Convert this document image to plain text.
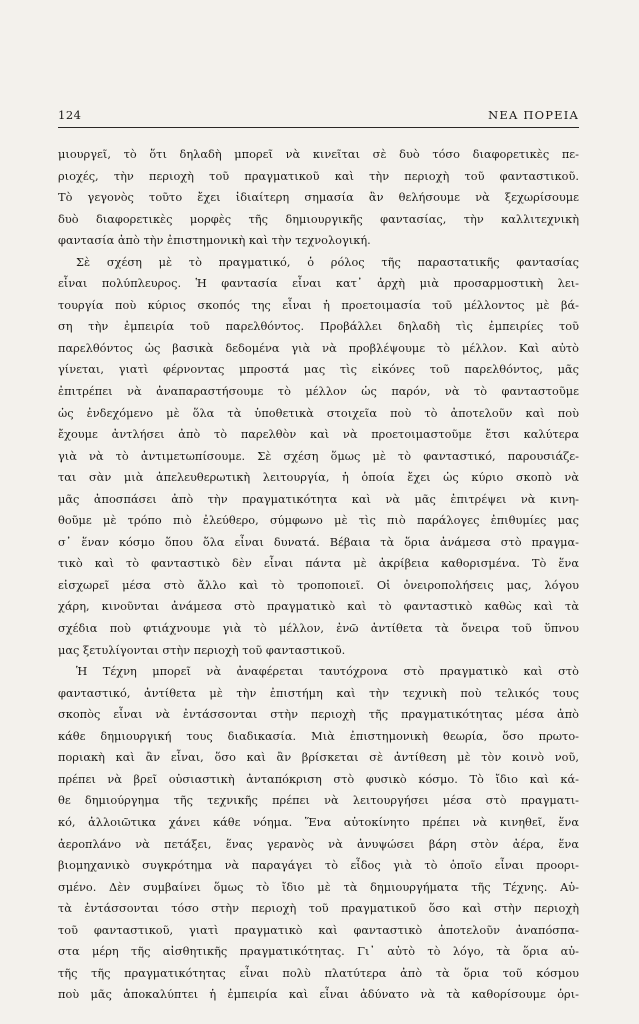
124	ΝΕΑ ΠΟΡΕΙΑ
μιουργεῖ, τὸ ὅτι δηλαδὴ μπορεῖ νὰ κινεῖται σὲ δυὸ τόσο διαφορετικὲς πε-
ριοχές, τὴν περιοχὴ τοῦ πραγματικοῦ καὶ τὴν περιοχὴ τοῦ φανταστικοῦ.
Τὸ γεγονὸς τοῦτο ἔχει ἰδιαίτερη σημασία ἂν θελήσουμε νὰ ξεχωρίσουμε
δυὸ διαφορετικὲς μορφὲς τῆς δημιουργικῆς φαντασίας, τὴν καλλιτεχνικὴ
φαντασία ἀπὸ τὴν ἐπιστημονικὴ καὶ τὴν τεχνολογική.
Σὲ σχέση μὲ τὸ πραγματικό, ὁ ρόλος τῆς παραστατικῆς φαντασίας
εἶναι πολύπλευρος. Ἡ φαντασία εἶναι κατ᾽ ἀρχὴ μιὰ προσαρμοστικὴ λει-
τουργία ποὺ κύριος σκοπός της εἶναι ἡ προετοιμασία τοῦ μέλλοντος μὲ βά-
ση τὴν ἐμπειρία τοῦ παρελθόντος. Προβάλλει δηλαδὴ τὶς ἐμπειρίες τοῦ
παρελθόντος ὡς βασικὰ δεδομένα γιὰ νὰ προβλέψουμε τὸ μέλλον. Καὶ αὐτὸ
γίνεται, γιατὶ φέρνοντας μπροστά μας τὶς εἰκόνες τοῦ παρελθόντος, μᾶς
ἐπιτρέπει νὰ ἀναπαραστήσουμε τὸ μέλλον ὡς παρόν, νὰ τὸ φανταστοῦμε
ὡς ἐνδεχόμενο μὲ ὅλα τὰ ὑποθετικὰ στοιχεῖα ποὺ τὸ ἀποτελοῦν καὶ ποὺ
ἔχουμε ἀντλήσει ἀπὸ τὸ παρελθὸν καὶ νὰ προετοιμαστοῦμε ἔτσι καλύτερα
γιὰ νὰ τὸ ἀντιμετωπίσουμε. Σὲ σχέση ὅμως μὲ τὸ φανταστικό, παρουσιάζε-
ται σὰν μιὰ ἀπελευθερωτικὴ λειτουργία, ἡ ὁποία ἔχει ὡς κύριο σκοπὸ νὰ
μᾶς ἀποσπάσει ἀπὸ τὴν πραγματικότητα καὶ νὰ μᾶς ἐπιτρέψει νὰ κινη-
θοῦμε μὲ τρόπο πιὸ ἐλεύθερο, σύμφωνο μὲ τὶς πιὸ παράλογες ἐπιθυμίες μας
σ᾽ ἕναν κόσμο ὅπου ὅλα εἶναι δυνατά. Βέβαια τὰ ὅρια ἀνάμεσα στὸ πραγμα-
τικὸ καὶ τὸ φανταστικὸ δὲν εἶναι πάντα μὲ ἀκρίβεια καθορισμένα. Τὸ ἕνα
εἰσχωρεῖ μέσα στὸ ἄλλο καὶ τὸ τροποποιεῖ. Οἱ ὀνειροπολήσεις μας, λόγου
χάρη, κινοῦνται ἀνάμεσα στὸ πραγματικὸ καὶ τὸ φανταστικὸ καθὼς καὶ τὰ
σχέδια ποὺ φτιάχνουμε γιὰ τὸ μέλλον, ἐνῶ ἀντίθετα τὰ ὄνειρα τοῦ ὕπνου
μας ξετυλίγονται στὴν περιοχὴ τοῦ φανταστικοῦ.
Ἡ Τέχνη μπορεῖ νὰ ἀναφέρεται ταυτόχρονα στὸ πραγματικὸ καὶ στὸ
φανταστικό, ἀντίθετα μὲ τὴν ἐπιστήμη καὶ τὴν τεχνικὴ ποὺ τελικός τους
σκοπὸς εἶναι νὰ ἐντάσσονται στὴν περιοχὴ τῆς πραγματικότητας μέσα ἀπὸ
κάθε δημιουργική τους διαδικασία. Μιὰ ἐπιστημονικὴ θεωρία, ὅσο πρωτο-
ποριακὴ καὶ ἂν εἶναι, ὅσο καὶ ἂν βρίσκεται σὲ ἀντίθεση μὲ τὸν κοινὸ νοῦ,
πρέπει νὰ βρεῖ οὐσιαστικὴ ἀνταπόκριση στὸ φυσικὸ κόσμο. Τὸ ἴδιο καὶ κά-
θε δημιούργημα τῆς τεχνικῆς πρέπει νὰ λειτουργήσει μέσα στὸ πραγματι-
κό, ἀλλοιῶτικα χάνει κάθε νόημα. Ἕνα αὐτοκίνητο πρέπει νὰ κινηθεῖ, ἕνα
ἀεροπλάνο νὰ πετάξει, ἕνας γερανὸς νὰ ἀνυψώσει βάρη στὸν ἀέρα, ἕνα
βιομηχανικὸ συγκρότημα νὰ παραγάγει τὸ εἶδος γιὰ τὸ ὁποῖο εἶναι προορι-
σμένο. Δὲν συμβαίνει ὅμως τὸ ἴδιο μὲ τὰ δημιουργήματα τῆς Τέχνης. Αὐ-
τὰ ἐντάσσονται τόσο στὴν περιοχὴ τοῦ πραγματικοῦ ὅσο καὶ στὴν περιοχὴ
τοῦ φανταστικοῦ, γιατὶ πραγματικὸ καὶ φανταστικὸ ἀποτελοῦν ἀναπόσπα-
στα μέρη τῆς αἰσθητικῆς πραγματικότητας. Γι᾽ αὐτὸ τὸ λόγο, τὰ ὅρια αὐ-
τῆς τῆς πραγματικότητας εἶναι πολὺ πλατύτερα ἀπὸ τὰ ὅρια τοῦ κόσμου
ποὺ μᾶς ἀποκαλύπτει ἡ ἐμπειρία καὶ εἶναι ἀδύνατο νὰ τὰ καθορίσουμε ὁρι-
